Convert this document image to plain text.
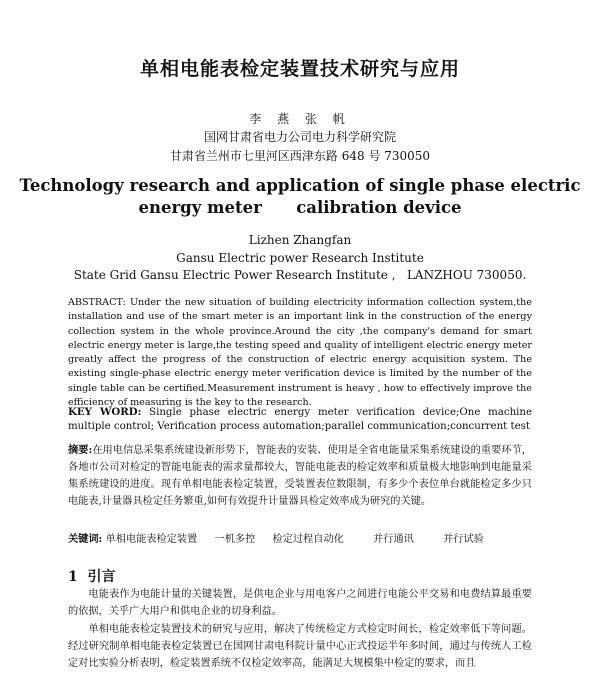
单相电能表检定装置技术研究与应用
李 燕 张 帆
国网甘肃省电力公司电力科学研究院
甘肃省兰州市七里河区西津东路 648 号 730050
Technology research and application of single phase electric
energy meter      calibration device
Lizhen Zhangfan
Gansu Electric power Research Institute
State Grid Gansu Electric Power Research Institute ,   LANZHOU 730050.

ABSTRACT: Under the new situation of building electricity information collection system,the installation and use of the smart meter is an important link in the construction of the energy collection system in the whole province.Around the city ,the company's demand for smart electric energy meter is large,the testing speed and quality of intelligent electric energy meter greatly affect the progress of the construction of electric energy acquisition system. The existing single-phase electric energy meter verification device is limited by the number of the single table can be certified.Measurement instrument is heavy , how to effectively improve the efficiency of measuring is the key to the research.

KEY WORD: Single phase electric energy meter verification device;One machine multiple control; Verification process automation;parallel communication;concurrent test

摘要:在用电信息采集系统建设新形势下，智能表的安装、使用是全省电能量采集系统建设的重要环节，各地市公司对检定的智能电能表的需求量都较大，智能电能表的检定效率和质量极大地影响到电能量采集系统建设的进度。现有单相电能表检定装置，受装置表位数限制，有多少个表位单台就能检定多少只电能表,计量器具检定任务繁重,如何有效提升计量器具检定效率成为研究的关键。

关键词: 单相电能表检定装置 一机多控 检定过程自动化	并行通讯	并行试验
1  引言

电能表作为电能计量的关键装置，是供电企业与用电客户之间进行电能公平交易和电费结算最重要的依据，关乎广大用户和供电企业的切身利益。

单相电能表检定装置技术的研究与应用，解决了传统检定方式检定时间长，检定效率低下等问题。经过研究制单相电能表检定装置已在国网甘肃电科院计量中心正式投运半年多时间，通过与传统人工检定对比实验分析表明，检定装置系统不仅检定效率高，能满足大规模集中检定的要求，而且
